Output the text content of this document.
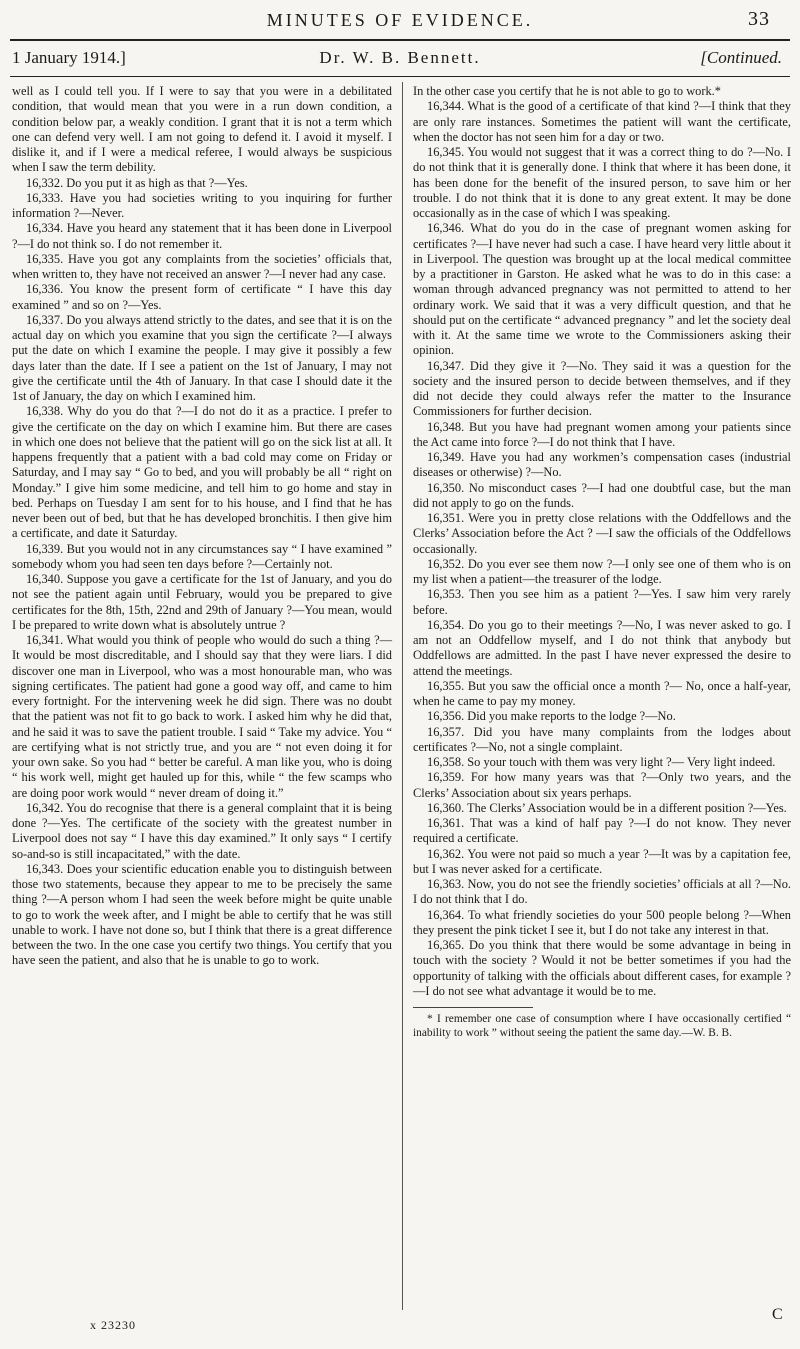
MINUTES OF EVIDENCE.	33
1 January 1914.]	Dr. W. B. Bennett.	[Continued.

well as I could tell you. If I were to say that you were in a debilitated condition, that would mean that you were in a run down condition, a condition below par, a weakly condition. I grant that it is not a term which one can defend very well. I am not going to defend it. I avoid it myself. I dislike it, and if I were a medical referee, I would always be suspicious when I saw the term debility.

16,332. Do you put it as high as that ?—Yes.

16,333. Have you had societies writing to you inquiring for further information ?—Never.

16,334. Have you heard any statement that it has been done in Liverpool ?—I do not think so. I do not remember it.

16,335. Have you got any complaints from the societies’ officials that, when written to, they have not received an answer ?—I never had any case.

16,336. You know the present form of certificate “ I have this day examined ” and so on ?—Yes.

16,337. Do you always attend strictly to the dates, and see that it is on the actual day on which you examine that you sign the certificate ?—I always put the date on which I examine the people. I may give it possibly a few days later than the date. If I see a patient on the 1st of January, I may not give the certificate until the 4th of January. In that case I should date it the 1st of January, the day on which I examined him.

16,338. Why do you do that ?—I do not do it as a practice. I prefer to give the certificate on the day on which I examine him. But there are cases in which one does not believe that the patient will go on the sick list at all. It happens frequently that a patient with a bad cold may come on Friday or Saturday, and I may say “ Go to bed, and you will probably be all “ right on Monday.” I give him some medicine, and tell him to go home and stay in bed. Perhaps on Tuesday I am sent for to his house, and I find that he has never been out of bed, but that he has developed bronchitis. I then give him a certificate, and date it Saturday.

16,339. But you would not in any circumstances say “ I have examined ” somebody whom you had seen ten days before ?—Certainly not.

16,340. Suppose you gave a certificate for the 1st of January, and you do not see the patient again until February, would you be prepared to give certificates for the 8th, 15th, 22nd and 29th of January ?—You mean, would I be prepared to write down what is absolutely untrue ?

16,341. What would you think of people who would do such a thing ?—It would be most discreditable, and I should say that they were liars. I did discover one man in Liverpool, who was a most honourable man, who was signing certificates. The patient had gone a good way off, and came to him every fortnight. For the intervening week he did sign. There was no doubt that the patient was not fit to go back to work. I asked him why he did that, and he said it was to save the patient trouble. I said “ Take my advice. You “ are certifying what is not strictly true, and you are “ not even doing it for your own sake. So you had “ better be careful. A man like you, who is doing “ his work well, might get hauled up for this, while “ the few scamps who are doing poor work would “ never dream of doing it.”

16,342. You do recognise that there is a general complaint that it is being done ?—Yes. The certificate of the society with the greatest number in Liverpool does not say “ I have this day examined.” It only says “ I certify so-and-so is still incapacitated,” with the date.

16,343. Does your scientific education enable you to distinguish between those two statements, because they appear to me to be precisely the same thing ?—A person whom I had seen the week before might be quite unable to go to work the week after, and I might be able to certify that he was still unable to work. I have not done so, but I think that there is a great difference between the two. In the one case you certify two things. You certify that you have seen the patient, and also that he is unable to go to work.

In the other case you certify that he is not able to go to work.*

16,344. What is the good of a certificate of that kind ?—I think that they are only rare instances. Sometimes the patient will want the certificate, when the doctor has not seen him for a day or two.

16,345. You would not suggest that it was a correct thing to do ?—No. I do not think that it is generally done. I think that where it has been done, it has been done for the benefit of the insured person, to save him or her trouble. I do not think that it is done to any great extent. It may be done occasionally as in the case of which I was speaking.

16,346. What do you do in the case of pregnant women asking for certificates ?—I have never had such a case. I have heard very little about it in Liverpool. The question was brought up at the local medical committee by a practitioner in Garston. He asked what he was to do in this case: a woman through advanced pregnancy was not permitted to attend to her ordinary work. We said that it was a very difficult question, and that he should put on the certificate “ advanced pregnancy ” and let the society deal with it. At the same time we wrote to the Commissioners asking their opinion.

16,347. Did they give it ?—No. They said it was a question for the society and the insured person to decide between themselves, and if they did not decide they could always refer the matter to the Insurance Commissioners for further decision.

16,348. But you have had pregnant women among your patients since the Act came into force ?—I do not think that I have.

16,349. Have you had any workmen’s compensation cases (industrial diseases or otherwise) ?—No.

16,350. No misconduct cases ?—I had one doubtful case, but the man did not apply to go on the funds.

16,351. Were you in pretty close relations with the Oddfellows and the Clerks’ Association before the Act ? —I saw the officials of the Oddfellows occasionally.

16,352. Do you ever see them now ?—I only see one of them who is on my list when a patient—the treasurer of the lodge.

16,353. Then you see him as a patient ?—Yes. I saw him very rarely before.

16,354. Do you go to their meetings ?—No, I was never asked to go. I am not an Oddfellow myself, and I do not think that anybody but Oddfellows are admitted. In the past I have never expressed the desire to attend the meetings.

16,355. But you saw the official once a month ?— No, once a half-year, when he came to pay my money.

16,356. Did you make reports to the lodge ?—No.

16,357. Did you have many complaints from the lodges about certificates ?—No, not a single complaint.

16,358. So your touch with them was very light ?— Very light indeed.

16,359. For how many years was that ?—Only two years, and the Clerks’ Association about six years perhaps.

16,360. The Clerks’ Association would be in a different position ?—Yes.

16,361. That was a kind of half pay ?—I do not know. They never required a certificate.

16,362. You were not paid so much a year ?—It was by a capitation fee, but I was never asked for a certificate.

16,363. Now, you do not see the friendly societies’ officials at all ?—No. I do not think that I do.

16,364. To what friendly societies do your 500 people belong ?—When they present the pink ticket I see it, but I do not take any interest in that.

16,365. Do you think that there would be some advantage in being in touch with the society ? Would it not be better sometimes if you had the opportunity of talking with the officials about different cases, for example ?—I do not see what advantage it would be to me.

* I remember one case of consumption where I have occasionally certified “ inability to work ” without seeing the patient the same day.—W. B. B.

x 23230
C
